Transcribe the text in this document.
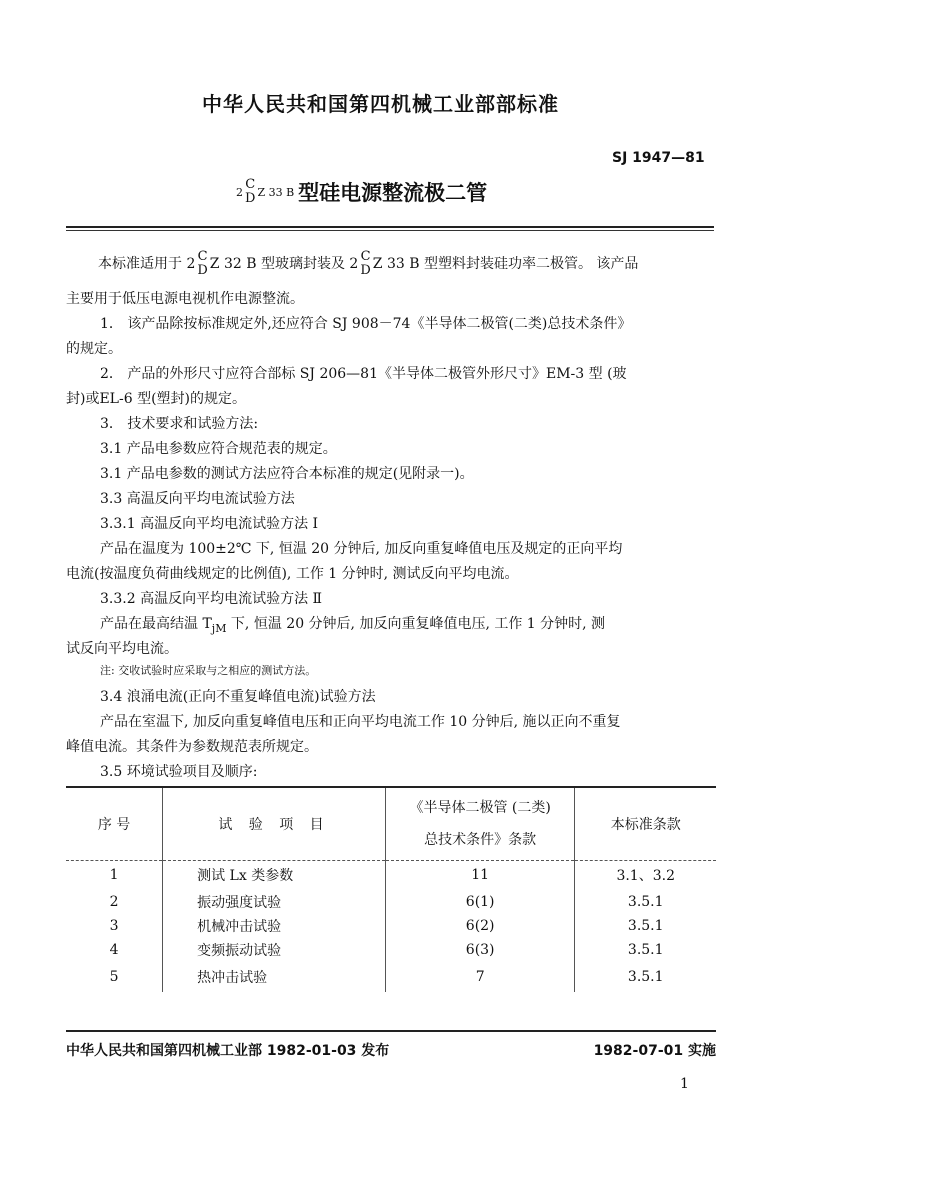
中华人民共和国第四机械工业部部标准
SJ 1947—81
2 C
D Z 33 B 型硅电源整流极二管
本标准适用于 2 C
D Z 32 B 型玻璃封装及 2 C
D Z 33 B 型塑料封装硅功率二极管。 该产品
主要用于低压电源电视机作电源整流。
1． 该产品除按标准规定外,还应符合 SJ 908－74《半导体二极管(二类)总技术条件》
的规定。
2． 产品的外形尺寸应符合部标 SJ 206—81《半导体二极管外形尺寸》EM-3 型 (玻
封)或EL-6 型(塑封)的规定。
3． 技术要求和试验方法:
3.1 产品电参数应符合规范表的规定。
3.1 产品电参数的测试方法应符合本标准的规定(见附录一)。
3.3 高温反向平均电流试验方法
3.3.1 高温反向平均电流试验方法 I
产品在温度为 100±2℃ 下, 恒温 20 分钟后, 加反向重复峰值电压及规定的正向平均
电流(按温度负荷曲线规定的比例值), 工作 1 分钟时, 测试反向平均电流。
3.3.2 高温反向平均电流试验方法 Ⅱ
产品在最高结温 $T_{jM}$ 下, 恒温 20 分钟后, 加反向重复峰值电压, 工作 1 分钟时, 测
试反向平均电流。
注: 交收试验时应采取与之相应的测试方法。
3.4 浪涌电流(正向不重复峰值电流)试验方法
产品在室温下, 加反向重复峰值电压和正向平均电流工作 10 分钟后, 施以正向不重复
峰值电流。其条件为参数规范表所规定。
3.5 环境试验项目及顺序:
序 号	试 验 项 目	《半导体二极管 (二类)
总技术条件》条款	本标准条款
1	测试 Lx 类参数	11	3.1、3.2
2	振动强度试验	6(1)	3.5.1
3	机械冲击试验	6(2)	3.5.1
4	变频振动试验	6(3)	3.5.1
5	热冲击试验	7	3.5.1
中华人民共和国第四机械工业部 1982-01-03 发布	1982-07-01 实施
1
